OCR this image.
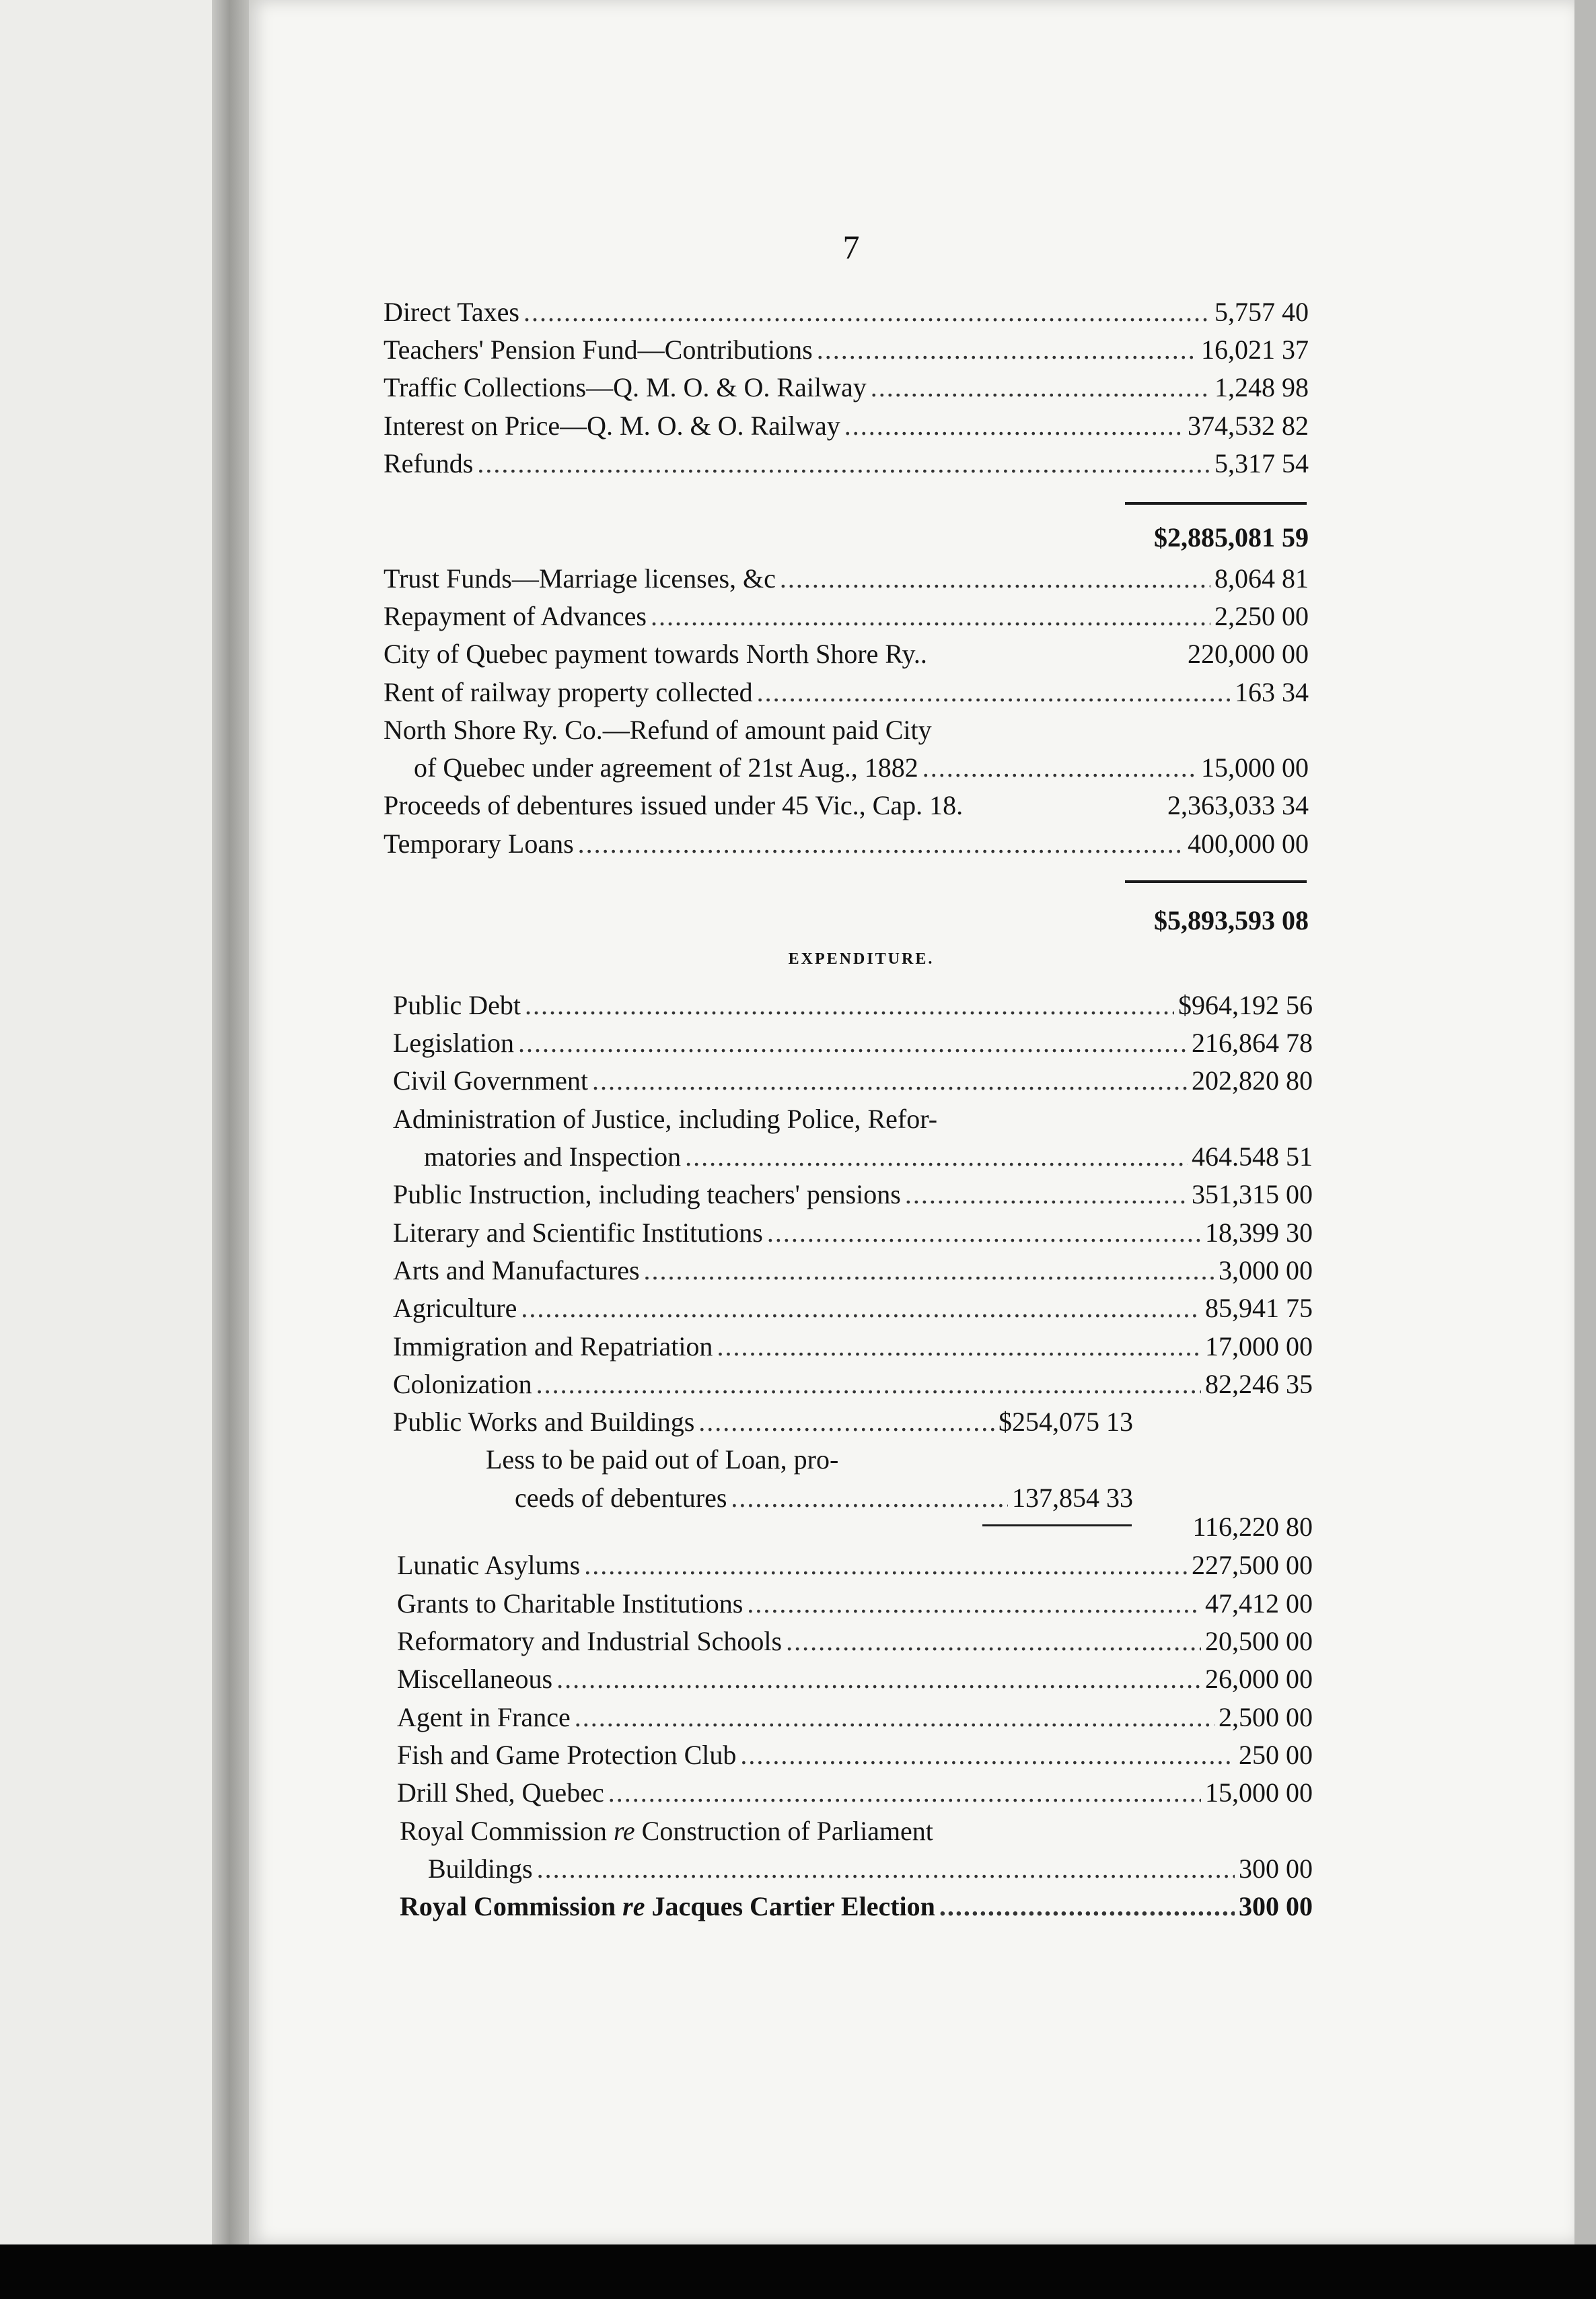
7
Direct Taxes . . .	5,757 40
Teachers' Pension Fund—Contributions . . .	16,021 37
Traffic Collections—Q. M. O. & O. Railway . . .	1,248 98
Interest on Price—Q. M. O. & O. Railway . . .	374,532 82
Refunds . . .	5,317 54
$2,885,081 59
Trust Funds—Marriage licenses, &c . . .	8,064 81
Repayment of Advances . . .	2,250 00
City of Quebec payment towards North Shore Ry..	220,000 00
Rent of railway property collected . . .	163 34
North Shore Ry. Co.—Refund of amount paid City
of Quebec under agreement of 21st Aug., 1882 . . .	15,000 00
Proceeds of debentures issued under 45 Vic., Cap. 18.	2,363,033 34
Temporary Loans . . .	400,000 00
$5,893,593 08
EXPENDITURE.
Public Debt . . .	$964,192 56
Legislation . . .	216,864 78
Civil Government . . .	202,820 80
Administration of Justice, including Police, Refor-
matories and Inspection . . .	464.548 51
Public Instruction, including teachers' pensions . . .	351,315 00
Literary and Scientific Institutions . . .	18,399 30
Arts and Manufactures . . .	3,000 00
Agriculture . . .	85,941 75
Immigration and Repatriation . . .	17,000 00
Colonization . . .	82,246 35
Public Works and Buildings . . .	$254,075 13
Less to be paid out of Loan, pro-
ceeds of debentures . . .	137,854 33
116,220 80
Lunatic Asylums . . .	227,500 00
Grants to Charitable Institutions . . .	47,412 00
Reformatory and Industrial Schools . . .	20,500 00
Miscellaneous . . .	26,000 00
Agent in France . . .	2,500 00
Fish and Game Protection Club . . .	250 00
Drill Shed, Quebec . . .	15,000 00
Royal Commission re Construction of Parliament
Buildings . . .	300 00
Royal Commission re Jacques Cartier Election . . .	300 00
